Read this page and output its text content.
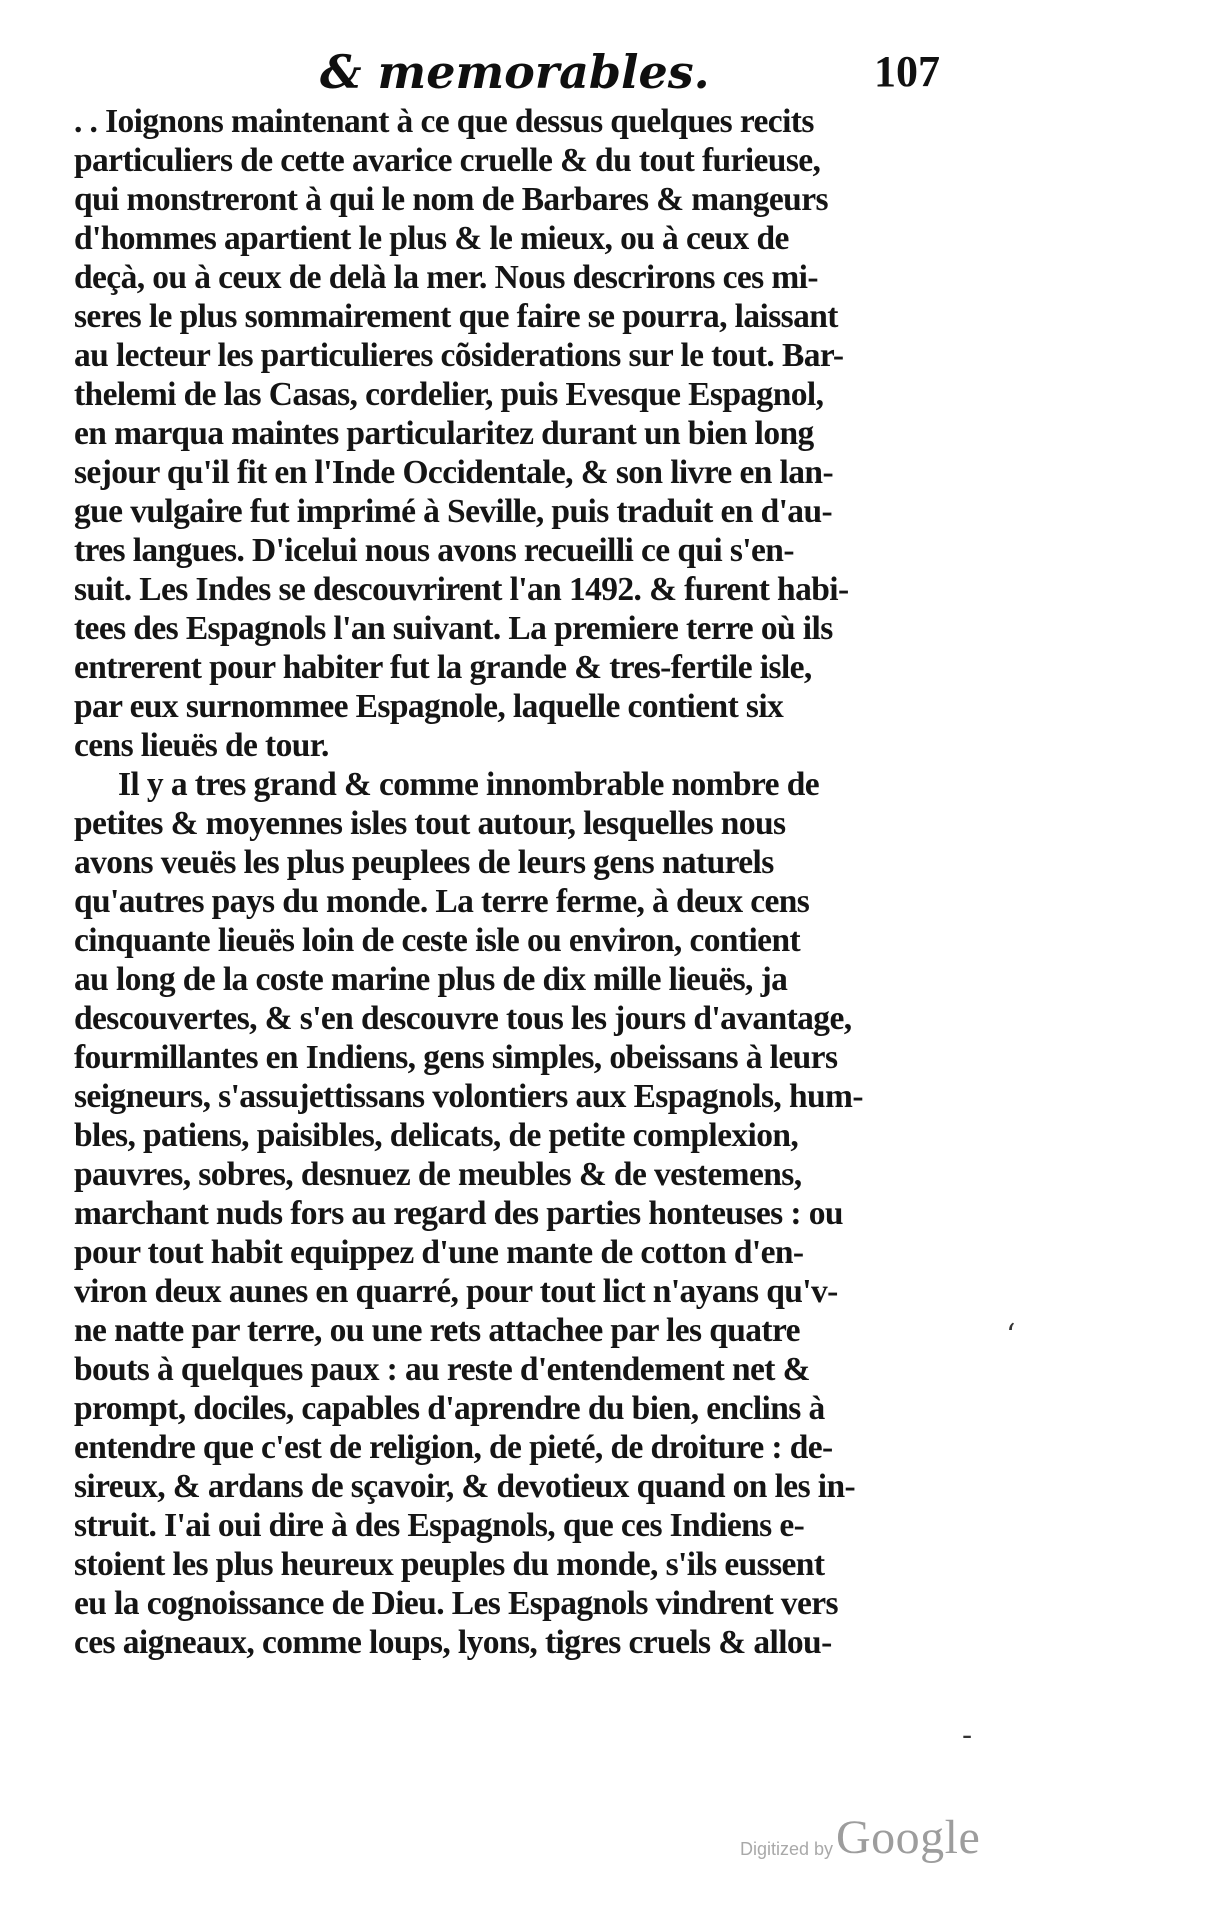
& memorables.	107
. . Ioignons maintenant à ce que dessus quelques recits
particuliers de cette avarice cruelle & du tout furieuse,
qui monstreront à qui le nom de Barbares & mangeurs
d'hommes apartient le plus & le mieux, ou à ceux de
deçà, ou à ceux de delà la mer. Nous descrirons ces mi-
seres le plus sommairement que faire se pourra, laissant
au lecteur les particulieres cõsiderations sur le tout. Bar-
thelemi de las Casas, cordelier, puis Evesque Espagnol,
en marqua maintes particularitez durant un bien long
sejour qu'il fit en l'Inde Occidentale, & son livre en lan-
gue vulgaire fut imprimé à Seville, puis traduit en d'au-
tres langues. D'icelui nous avons recueilli ce qui s'en-
suit. Les Indes se descouvrirent l'an 1492. & furent habi-
tees des Espagnols l'an suivant. La premiere terre où ils
entrerent pour habiter fut la grande & tres-fertile isle,
par eux surnommee Espagnole, laquelle contient six
cens lieuës de tour.
Il y a tres grand & comme innombrable nombre de
petites & moyennes isles tout autour, lesquelles nous
avons veuës les plus peuplees de leurs gens naturels
qu'autres pays du monde. La terre ferme, à deux cens
cinquante lieuës loin de ceste isle ou environ, contient
au long de la coste marine plus de dix mille lieuës, ja
descouvertes, & s'en descouvre tous les jours d'avantage,
fourmillantes en Indiens, gens simples, obeissans à leurs
seigneurs, s'assujettissans volontiers aux Espagnols, hum-
bles, patiens, paisibles, delicats, de petite complexion,
pauvres, sobres, desnuez de meubles & de vestemens,
marchant nuds fors au regard des parties honteuses : ou
pour tout habit equippez d'une mante de cotton d'en-
viron deux aunes en quarré, pour tout lict n'ayans qu'v-
ne natte par terre, ou une rets attachee par les quatre
bouts à quelques paux : au reste d'entendement net &
prompt, dociles, capables d'aprendre du bien, enclins à
entendre que c'est de religion, de pieté, de droiture : de-
sireux, & ardans de sçavoir, & devotieux quand on les in-
struit. I'ai oui dire à des Espagnols, que ces Indiens e-
stoient les plus heureux peuples du monde, s'ils eussent
eu la cognoissance de Dieu. Les Espagnols vindrent vers
ces aigneaux, comme loups, lyons, tigres cruels & allou-
‘
-
Digitized by Google
